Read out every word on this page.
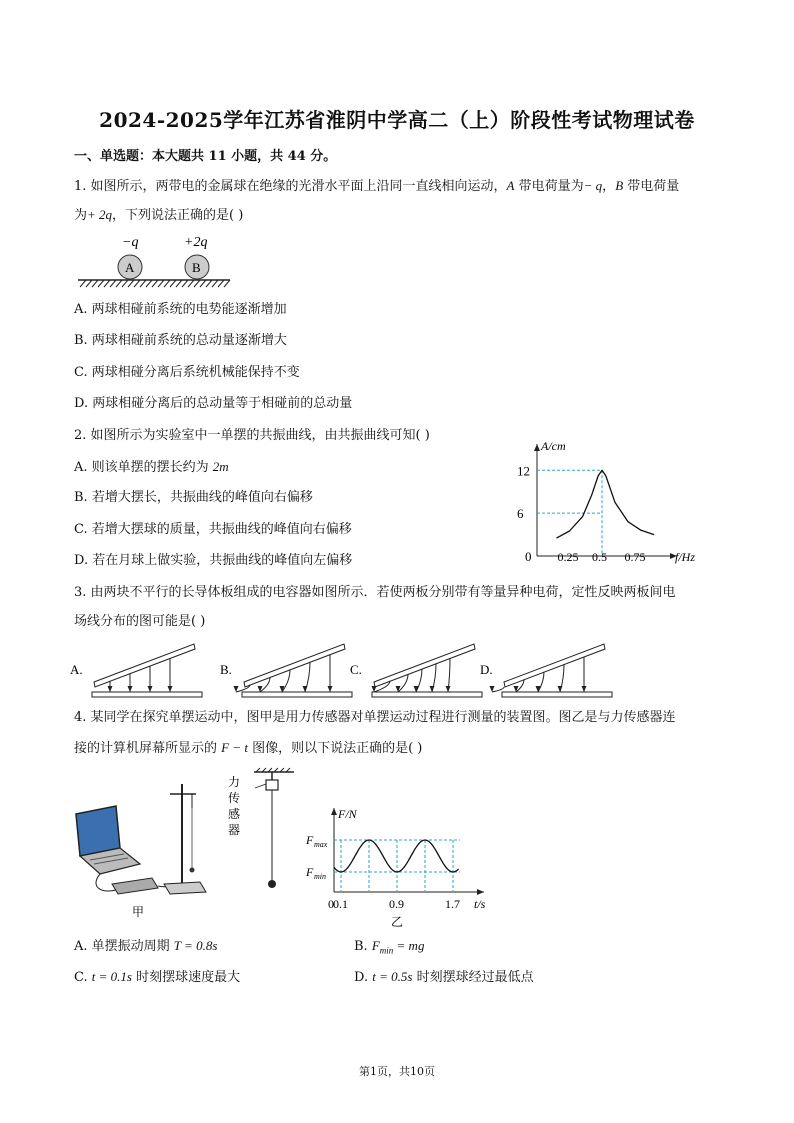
2024-2025学年江苏省淮阴中学高二（上）阶段性考试物理试卷
一、单选题：本大题共 11 小题，共 44 分。
1. 如图所示，两带电的金属球在绝缘的光滑水平面上沿同一直线相向运动，A 带电荷量为− q，B 带电荷量
为+ 2q，下列说法正确的是( )
−q	+2q
A	B
A. 两球相碰前系统的电势能逐渐增加
B. 两球相碰前系统的总动量逐渐增大
C. 两球相碰分离后系统机械能保持不变
D. 两球相碰分离后的总动量等于相碰前的总动量
2. 如图所示为实验室中一单摆的共振曲线，由共振曲线可知( )
A. 则该单摆的摆长约为 2m
B. 若增大摆长，共振曲线的峰值向右偏移
C. 若增大摆球的质量，共振曲线的峰值向右偏移
D. 若在月球上做实验，共振曲线的峰值向左偏移
A/cm
f/Hz
0
6
12
0.25 0.5 0.75
3. 由两块不平行的长导体板组成的电容器如图所示．若使两板分别带有等量异种电荷，定性反映两板间电
场线分布的图可能是( )
A.	B.	C.	D.
4. 某同学在探究单摆运动中，图甲是用力传感器对单摆运动过程进行测量的装置图。图乙是与力传感器连
接的计算机屏幕所显示的 F − t 图像，则以下说法正确的是( )
甲
力
传
感
器
F/N
t/s
0
F max
F min
0.1	0.9	1.7
乙
A. 单摆振动周期 T = 0.8s	B. $F_{min}$ = mg
C. t = 0.1s 时刻摆球速度最大	D. t = 0.5s 时刻摆球经过最低点
第1页，共10页
